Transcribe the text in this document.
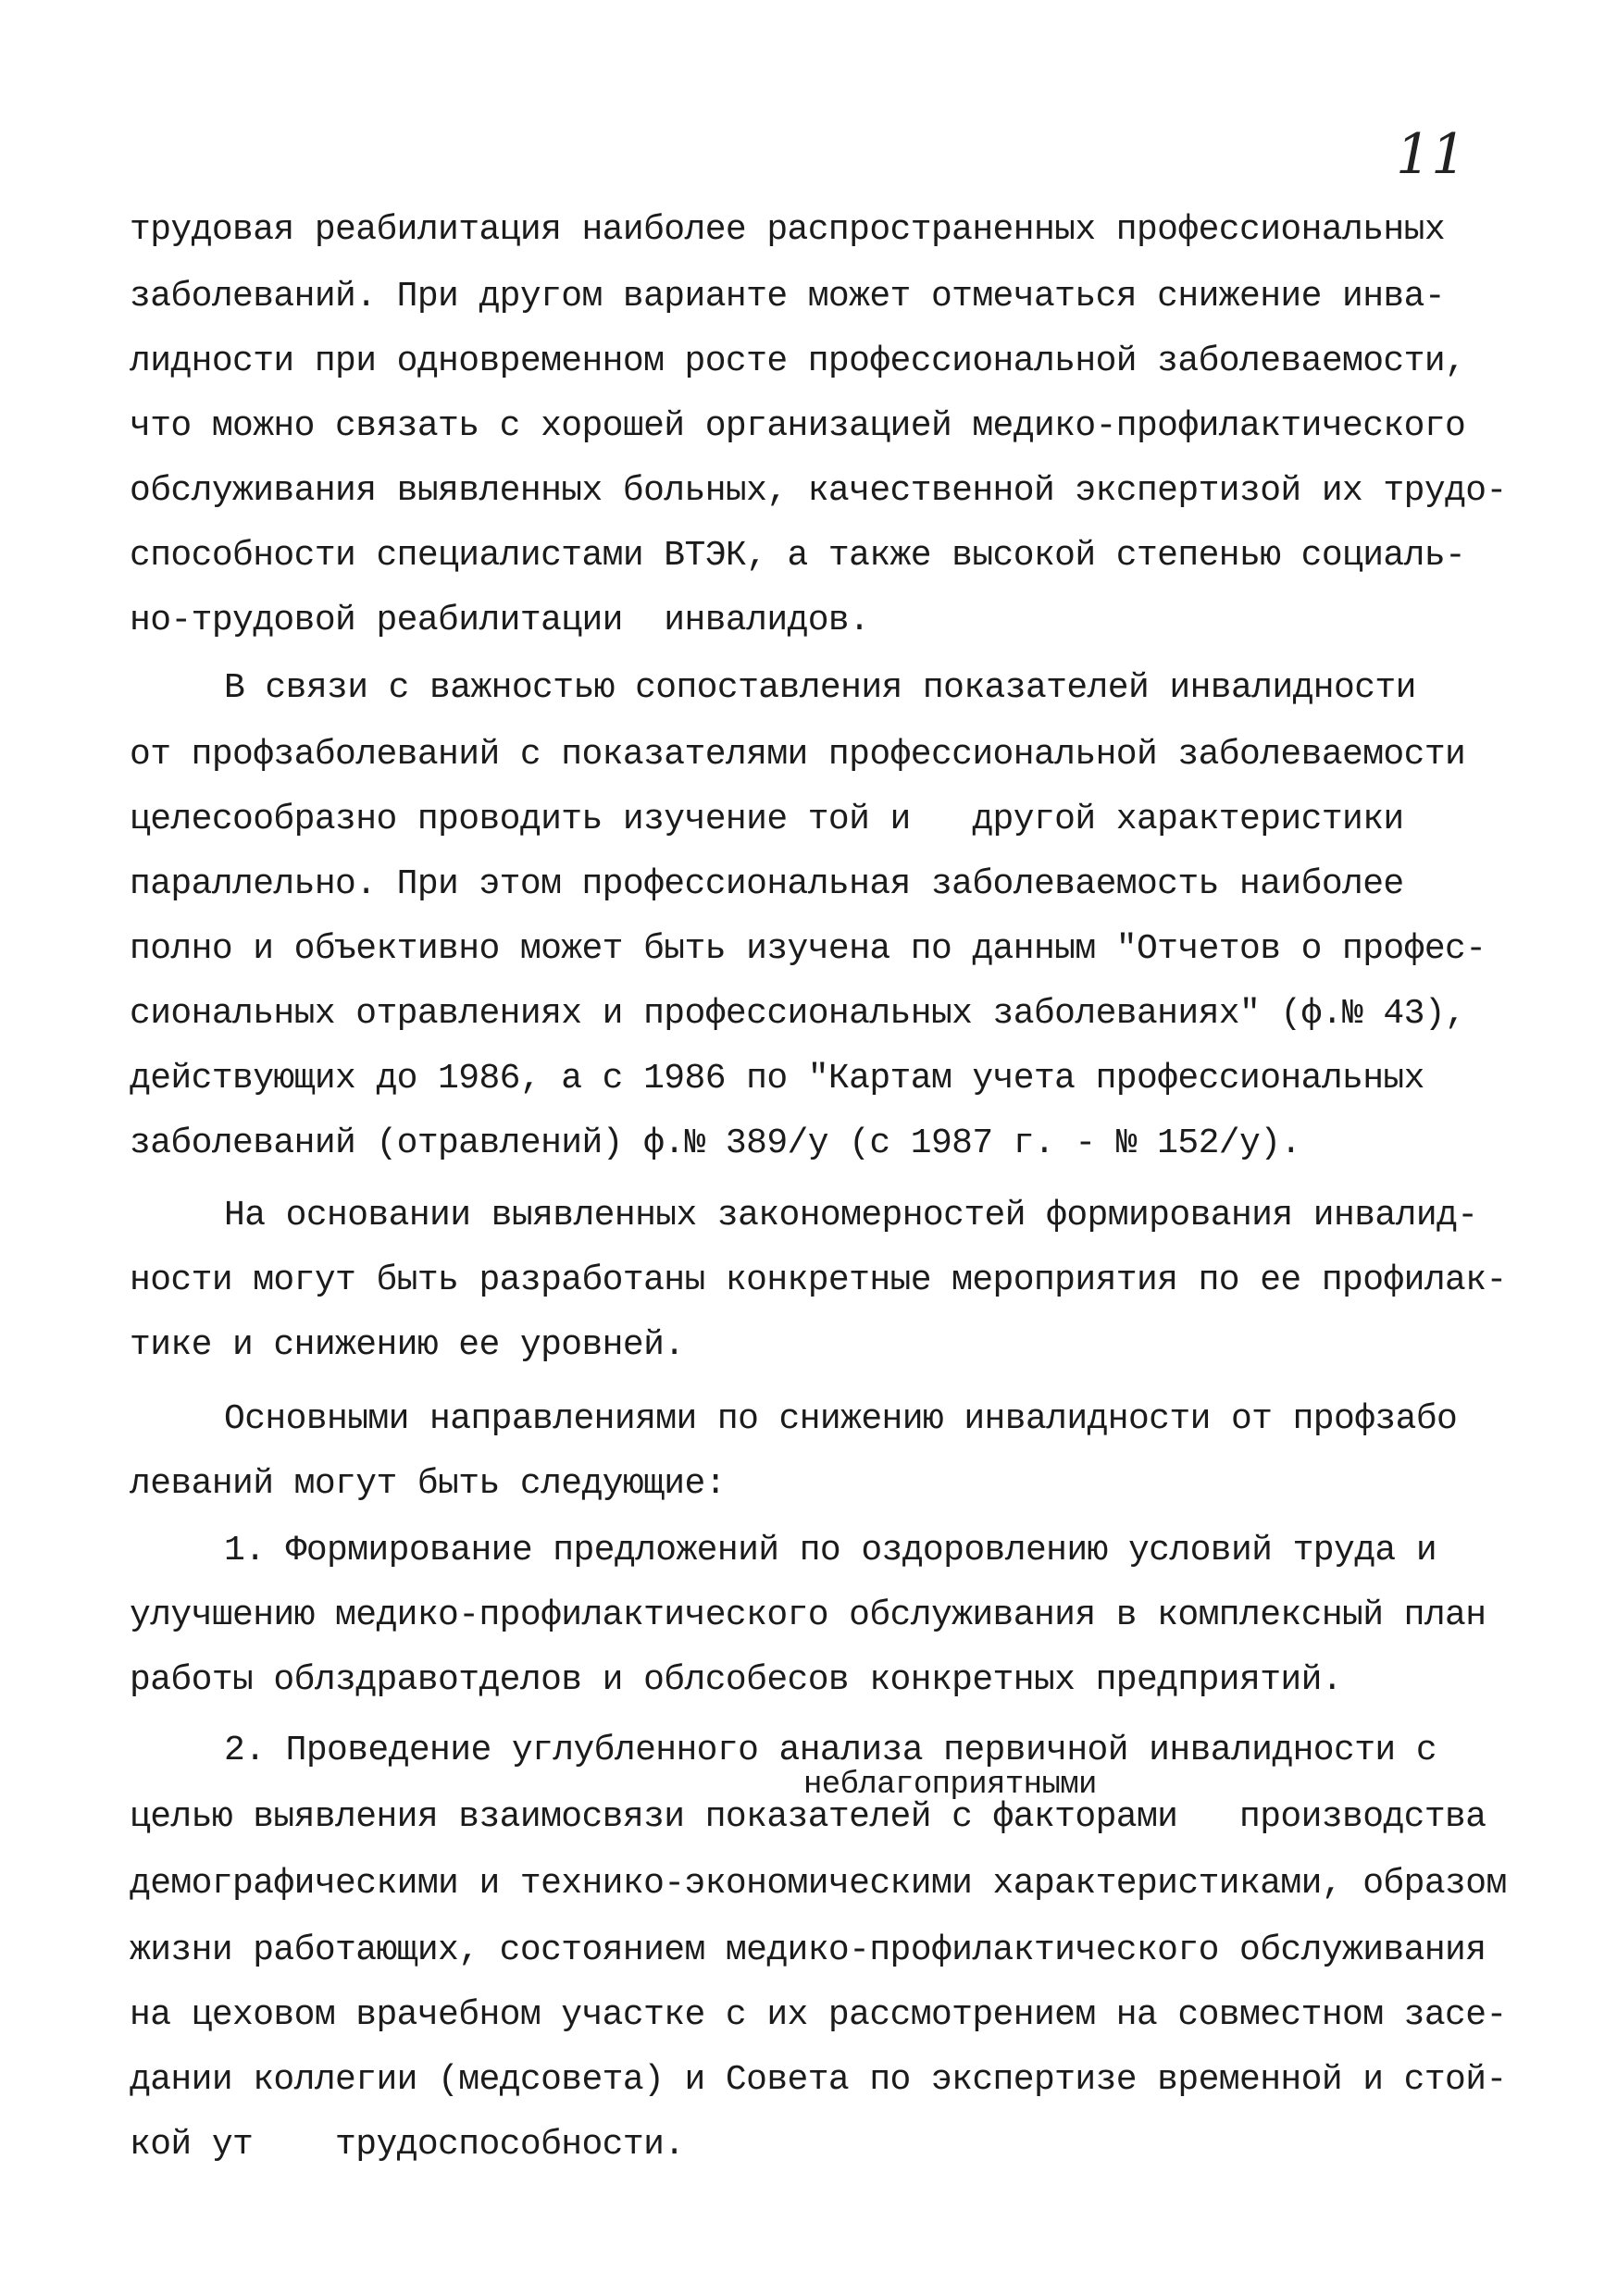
11
трудовая реабилитация наиболее распространенных профессиональных
заболеваний. При другом варианте может отмечаться снижение инва-
лидности при одновременном росте профессиональной заболеваемости,
что можно связать с хорошей организацией медико-профилактического
обслуживания выявленных больных, качественной экспертизой их трудо-
способности специалистами ВТЭК, а также высокой степенью социаль-
но-трудовой реабилитации  инвалидов.
В связи с важностью сопоставления показателей инвалидности
от профзаболеваний с показателями профессиональной заболеваемости
целесообразно проводить изучение той и   другой характеристики
параллельно. При этом профессиональная заболеваемость наиболее
полно и объективно может быть изучена по данным "Отчетов о профес-
сиональных отравлениях и профессиональных заболеваниях" (ф.№ 43),
действующих до 1986, а с 1986 по "Картам учета профессиональных
заболеваний (отравлений) ф.№ 389/у (с 1987 г. - № 152/у).
На основании выявленных закономерностей формирования инвалид-
ности могут быть разработаны конкретные мероприятия по ее профилак-
тике и снижению ее уровней.
Основными направлениями по снижению инвалидности от профзабо
леваний могут быть следующие:
1. Формирование предложений по оздоровлению условий труда и
улучшению медико-профилактического обслуживания в комплексный план
работы облздравотделов и облсобесов конкретных предприятий.
2. Проведение углубленного анализа первичной инвалидности с
неблагоприятными
целью выявления взаимосвязи показателей с факторами   производства
демографическими и технико-экономическими характеристиками, образом
жизни работающих, состоянием медико-профилактического обслуживания
на цеховом врачебном участке с их рассмотрением на совместном засе-
дании коллегии (медсовета) и Совета по экспертизе временной и стой-
кой ут    трудоспособности.
